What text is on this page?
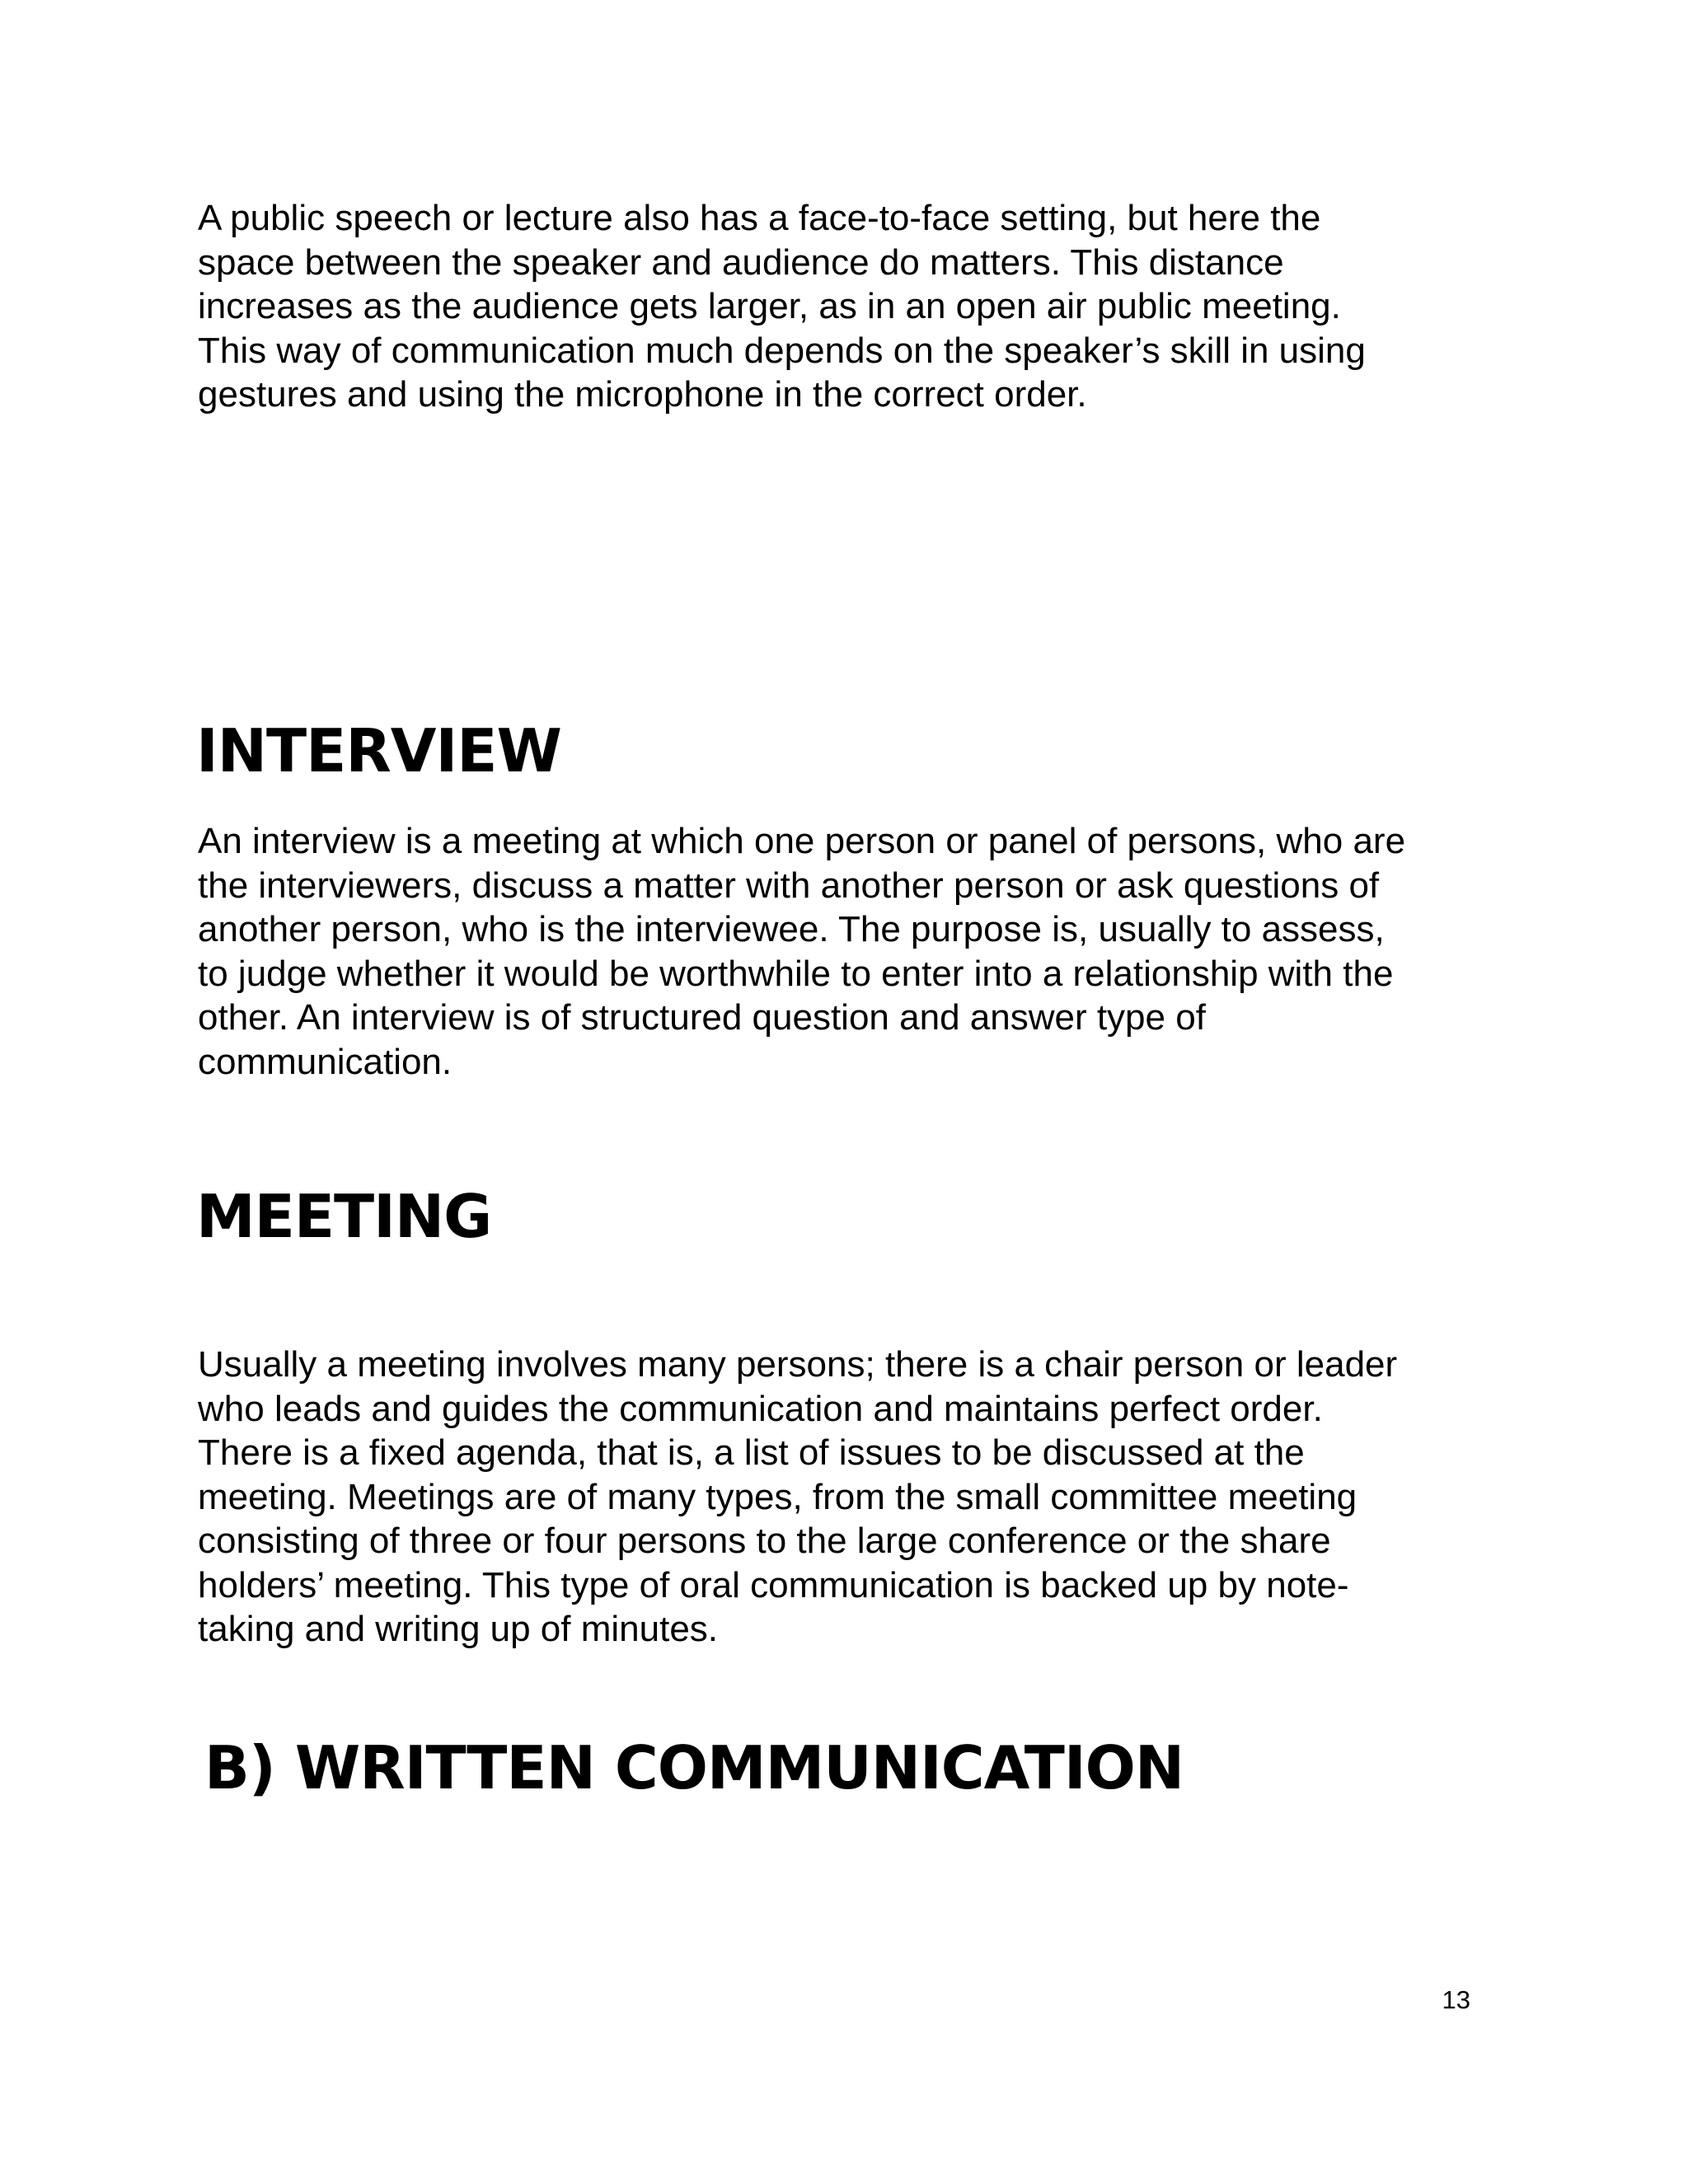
A public speech or lecture also has a face-to-face setting, but here the
space between the speaker and audience do matters. This distance
increases as the audience gets larger, as in an open air public meeting.
This way of communication much depends on the speaker’s skill in using
gestures and using the microphone in the correct order.

INTERVIEW

An interview is a meeting at which one person or panel of persons, who are
the interviewers, discuss a matter with another person or ask questions of
another person, who is the interviewee. The purpose is, usually to assess,
to judge whether it would be worthwhile to enter into a relationship with the
other. An interview is of structured question and answer type of
communication.

MEETING

Usually a meeting involves many persons; there is a chair person or leader
who leads and guides the communication and maintains perfect order.
There is a fixed agenda, that is, a list of issues to be discussed at the
meeting. Meetings are of many types, from the small committee meeting
consisting of three or four persons to the large conference or the share
holders’ meeting. This type of oral communication is backed up by note-
taking and writing up of minutes.

B) WRITTEN COMMUNICATION
13
